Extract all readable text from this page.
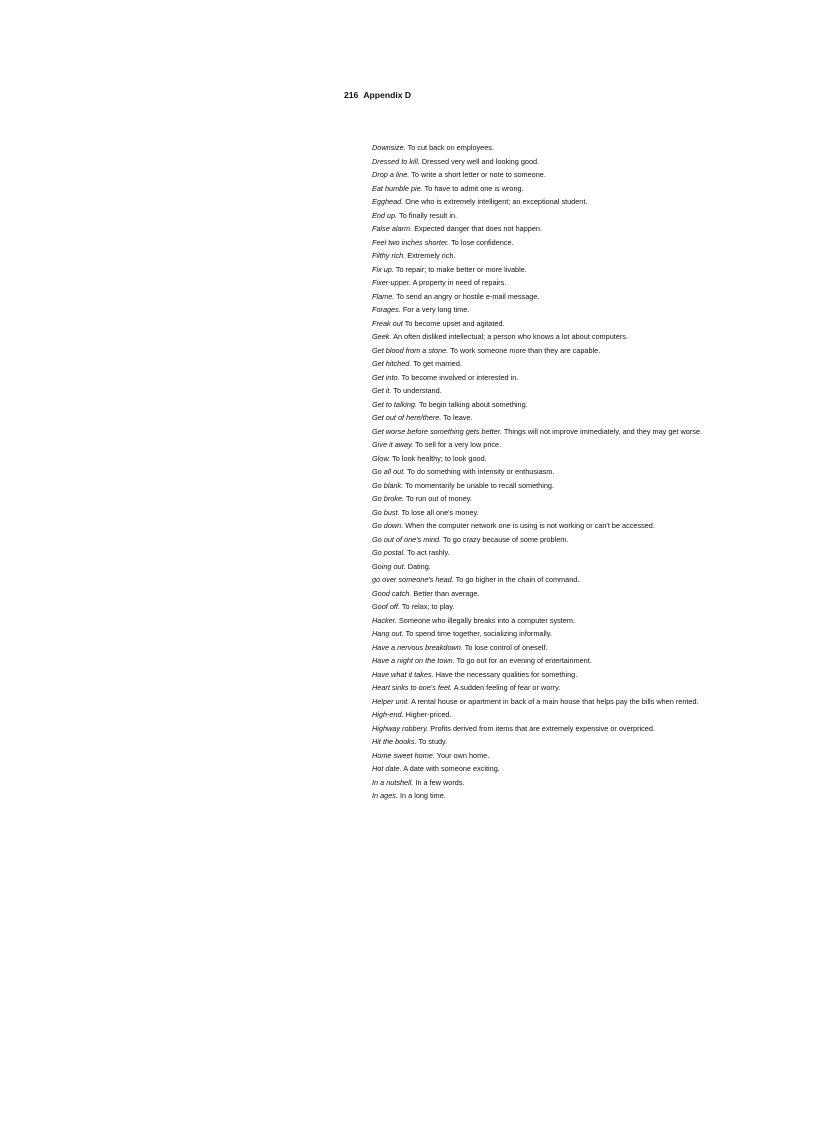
216 Appendix D
Downsize. To cut back on employees.
Dressed to kill. Dressed very well and looking good.
Drop a line. To write a short letter or note to someone.
Eat humble pie. To have to admit one is wrong.
Egghead. One who is extremely intelligent; an exceptional student.
End up. To finally result in.
False alarm. Expected danger that does not happen.
Feel two inches shorter. To lose confidence.
Filthy rich. Extremely rich.
Fix up. To repair; to make better or more livable.
Fixer-upper. A property in need of repairs.
Flame. To send an angry or hostile e-mail message.
Forages. For a very long time.
Freak out To become upset and agitated.
Geek. An often disliked intellectual; a person who knows a lot about computers.
Get blood from a stone. To work someone more than they are capable.
Get hitched. To get married.
Get into. To become involved or interested in.
Get it. To understand.
Get to talking. To begin talking about something.
Get out of here/there. To leave.
Get worse before something gets better. Things will not improve immediately, and they may get worse.
Give it away. To sell for a very low price.
Glow. To look healthy; to look good.
Go all out. To do something with intensity or enthusiasm.
Go blank. To momentarily be unable to recall something.
Go broke. To run out of money.
Go bust. To lose all one's money.
Go down. When the computer network one is using is not working or can't be accessed.
Go out of one's mind. To go crazy because of some problem.
Go postal. To act rashly.
Going out. Dating.
go over someone's head. To go higher in the chain of command.
Good catch. Better than average.
Goof off. To relax; to play.
Hacker. Someone who illegally breaks into a computer system.
Hang out. To spend time together, socializing informally.
Have a nervous breakdown. To lose control of oneself.
Have a night on the town. To go out for an evening of entertainment.
Have what it takes. Have the necessary qualities for something.
Heart sinks to one's feet. A sudden feeling of fear or worry.
Helper unit. A rental house or apartment in back of a main house that helps pay the bills when rented.
High-end. Higher-priced.
Highway robbery. Profits derived from items that are extremely expensive or overpriced.
Hit the books. To study.
Home sweet home. Your own home.
Hot date. A date with someone exciting.
In a nutshell. In a few words.
In ages. In a long time.
